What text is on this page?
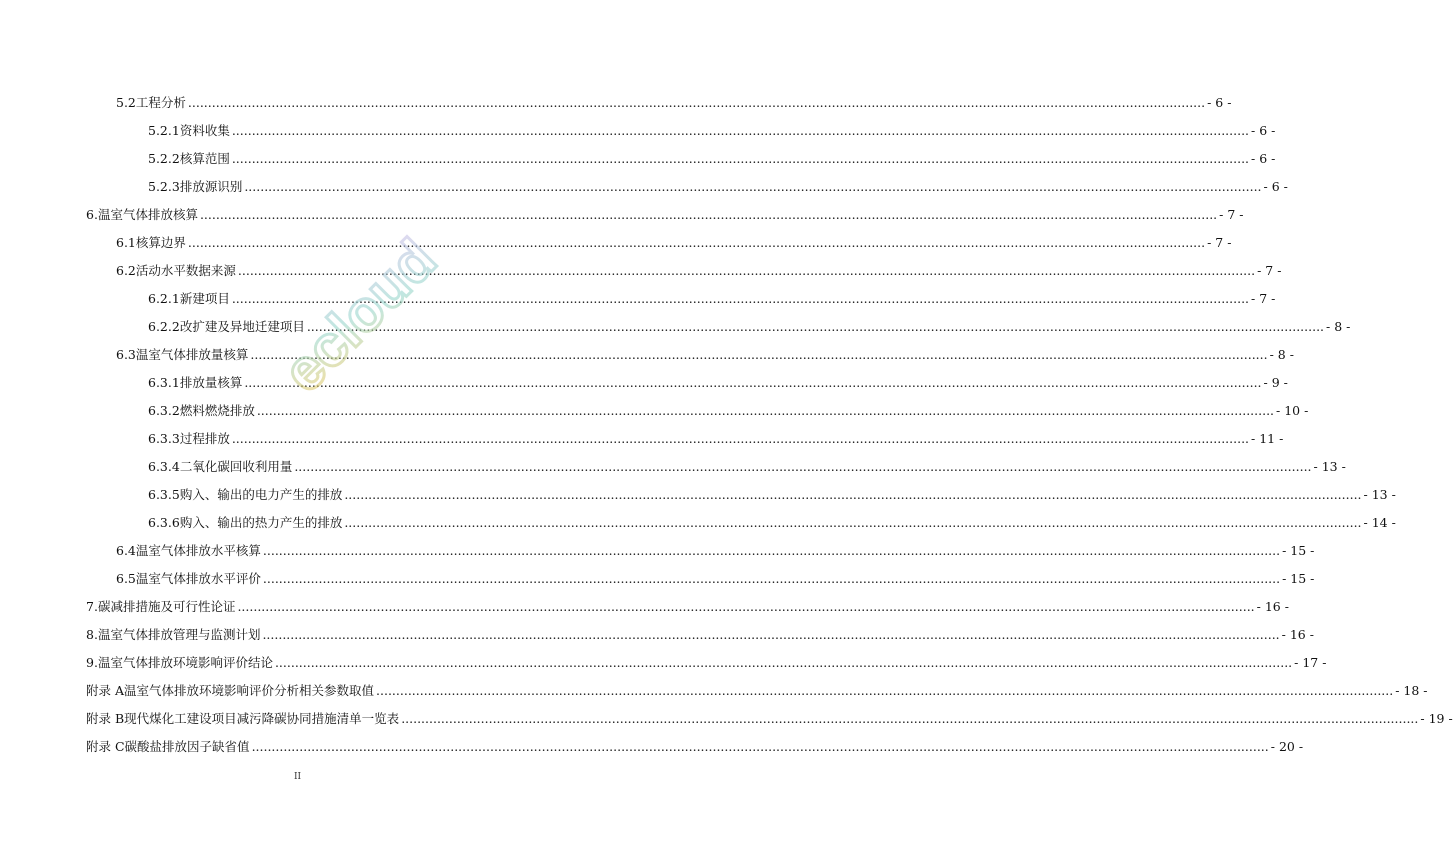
5.2 工程分析 .....	- 6 -
5.2.1 资料收集 .....	- 6 -
5.2.2 核算范围 .....	- 6 -
5.2.3 排放源识别 .....	- 6 -
6. 温室气体排放核算 .....	- 7 -
6.1 核算边界 .....	- 7 -
6.2 活动水平数据来源 .....	- 7 -
6.2.1 新建项目 .....	- 7 -
6.2.2 改扩建及异地迁建项目 .....	- 8 -
6.3 温室气体排放量核算 .....	- 8 -
6.3.1 排放量核算 .....	- 9 -
6.3.2 燃料燃烧排放 .....	- 10 -
6.3.3 过程排放 .....	- 11 -
6.3.4 二氧化碳回收利用量 .....	- 13 -
6.3.5 购入、输出的电力产生的排放 .....	- 13 -
6.3.6 购入、输出的热力产生的排放 .....	- 14 -
6.4 温室气体排放水平核算 .....	- 15 -
6.5 温室气体排放水平评价 .....	- 15 -
7. 碳减排措施及可行性论证 .....	- 16 -
8. 温室气体排放管理与监测计划 .....	- 16 -
9. 温室气体排放环境影响评价结论 .....	- 17 -
附录 A 温室气体排放环境影响评价分析相关参数取值 .....	- 18 -
附录 B 现代煤化工建设项目减污降碳协同措施清单一览表 .....	- 19 -
附录 C 碳酸盐排放因子缺省值 .....	- 20 -
ecloud
II
